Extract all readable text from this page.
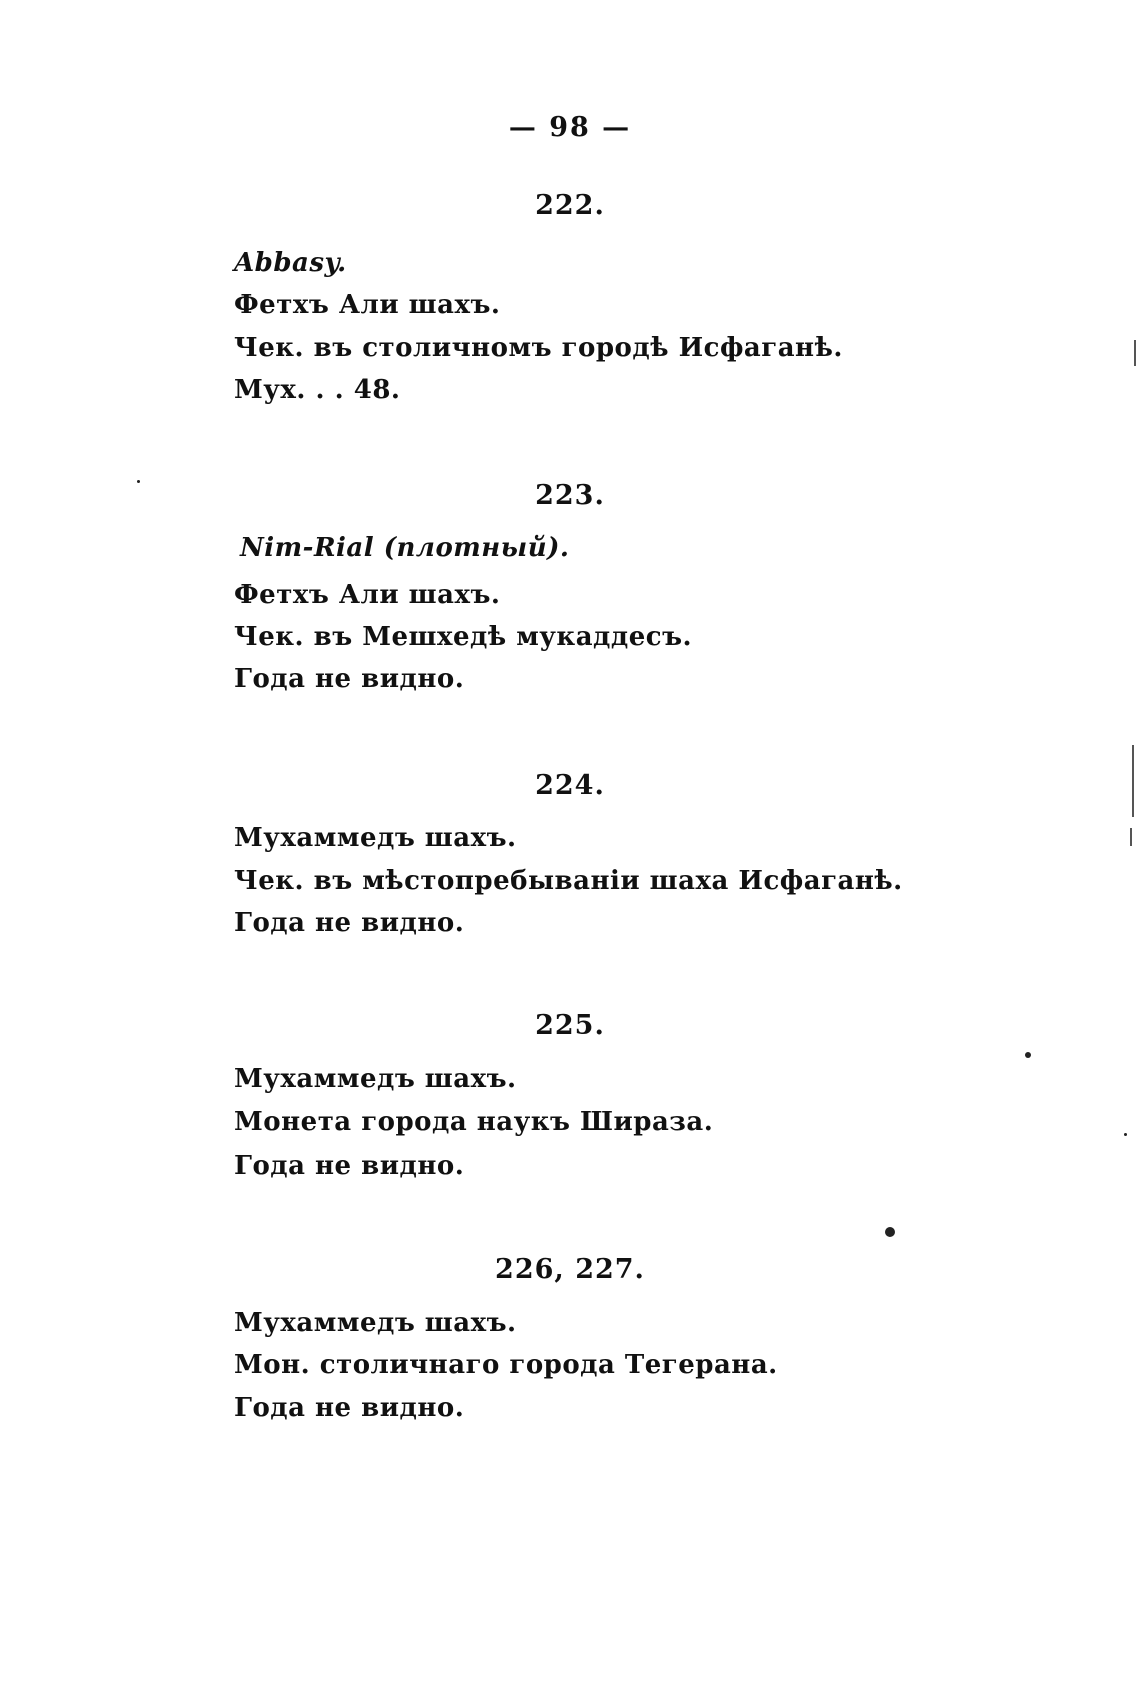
— 98 —
222.
Abbasy.
Фетхъ Али шахъ.
Чек. въ столичномъ городѣ Исфаганѣ.
Мух. . . 48.
223.
Nim-Rial (плотный).
Фетхъ Али шахъ.
Чек. въ Мешхедѣ мукаддесъ.
Года не видно.
224.
Мухаммедъ шахъ.
Чек. въ мѣстопребываніи шаха Исфаганѣ.
Года не видно.
225.
Мухаммедъ шахъ.
Монета города наукъ Шираза.
Года не видно.
226, 227.
Мухаммедъ шахъ.
Мон. столичнаго города Тегерана.
Года не видно.
